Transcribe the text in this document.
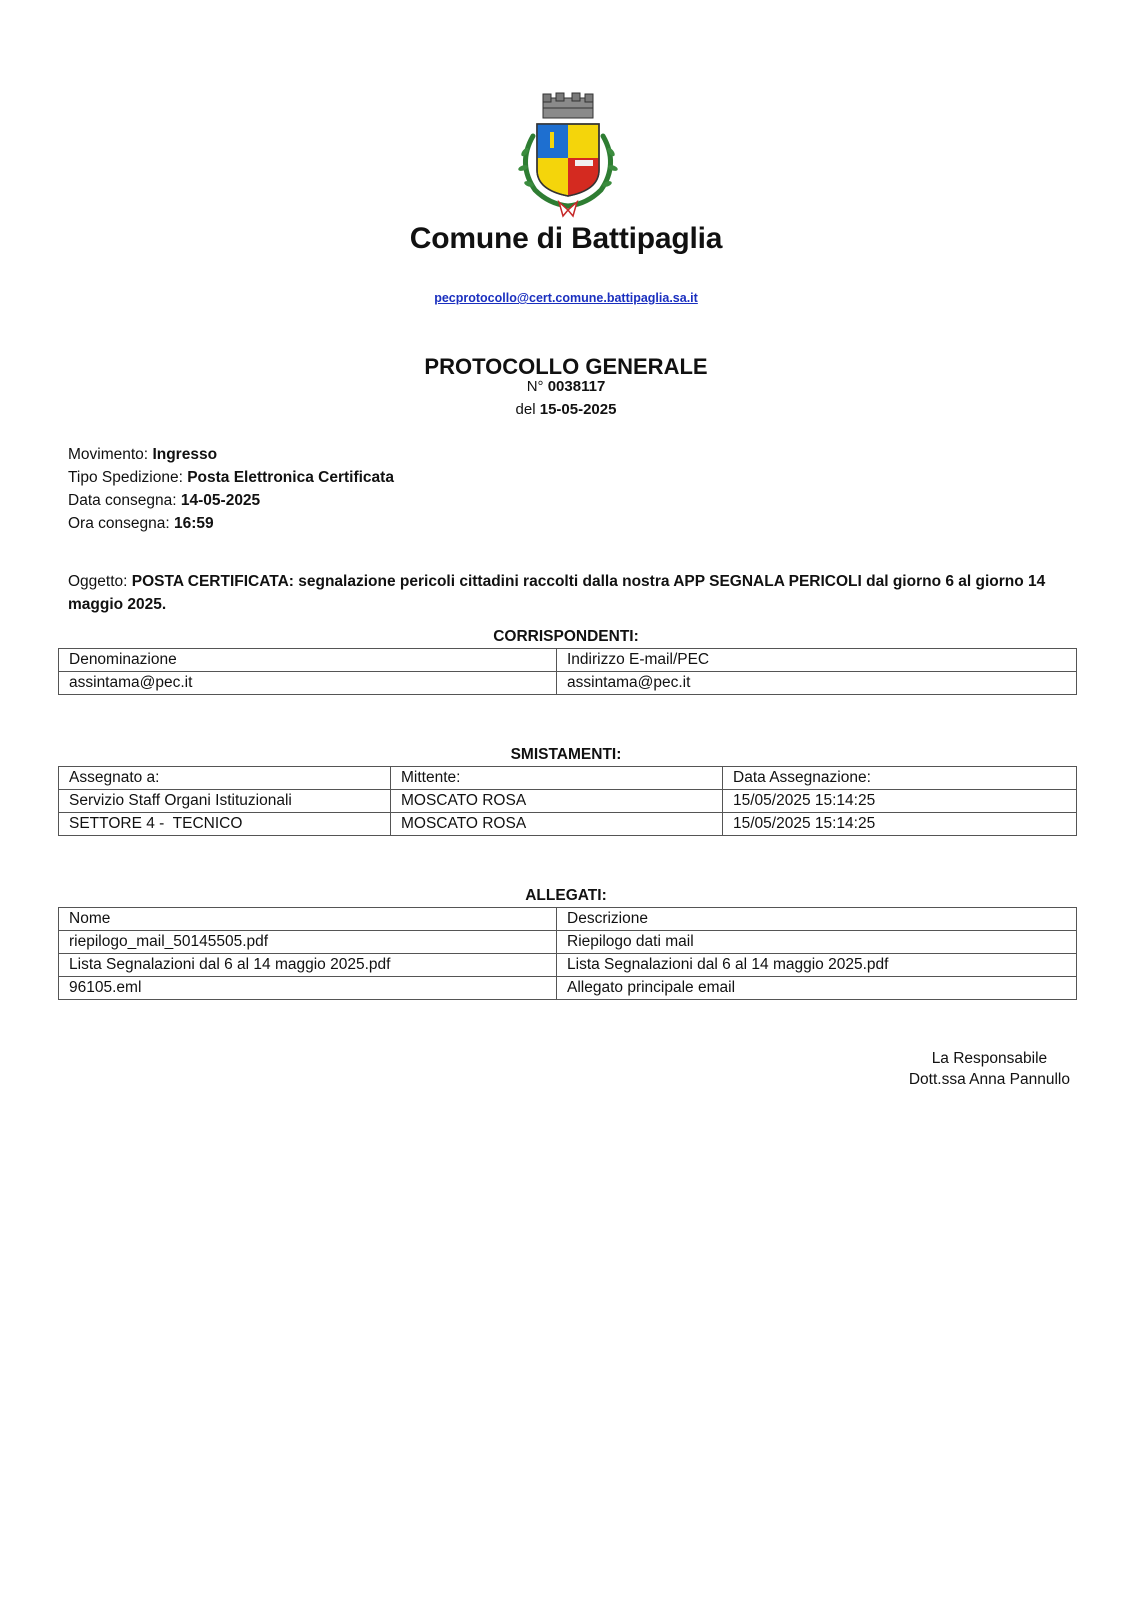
Comune di Battipaglia
pecprotocollo@cert.comune.battipaglia.sa.it
PROTOCOLLO GENERALE
N° 0038117
del 15-05-2025
Movimento: Ingresso
Tipo Spedizione: Posta Elettronica Certificata
Data consegna: 14-05-2025
Ora consegna: 16:59
Oggetto: POSTA CERTIFICATA: segnalazione pericoli cittadini raccolti dalla nostra APP SEGNALA PERICOLI dal giorno 6 al giorno 14 maggio 2025.
CORRISPONDENTI:
Denominazione	Indirizzo E-mail/PEC
assintama@pec.it	assintama@pec.it
SMISTAMENTI:
Assegnato a:	Mittente:	Data Assegnazione:
Servizio Staff Organi Istituzionali	MOSCATO ROSA	15/05/2025 15:14:25
SETTORE 4 -  TECNICO	MOSCATO ROSA	15/05/2025 15:14:25
ALLEGATI:
Nome	Descrizione
riepilogo_mail_50145505.pdf	Riepilogo dati mail
Lista Segnalazioni dal 6 al 14 maggio 2025.pdf	Lista Segnalazioni dal 6 al 14 maggio 2025.pdf
96105.eml	Allegato principale email
La Responsabile
Dott.ssa Anna Pannullo
